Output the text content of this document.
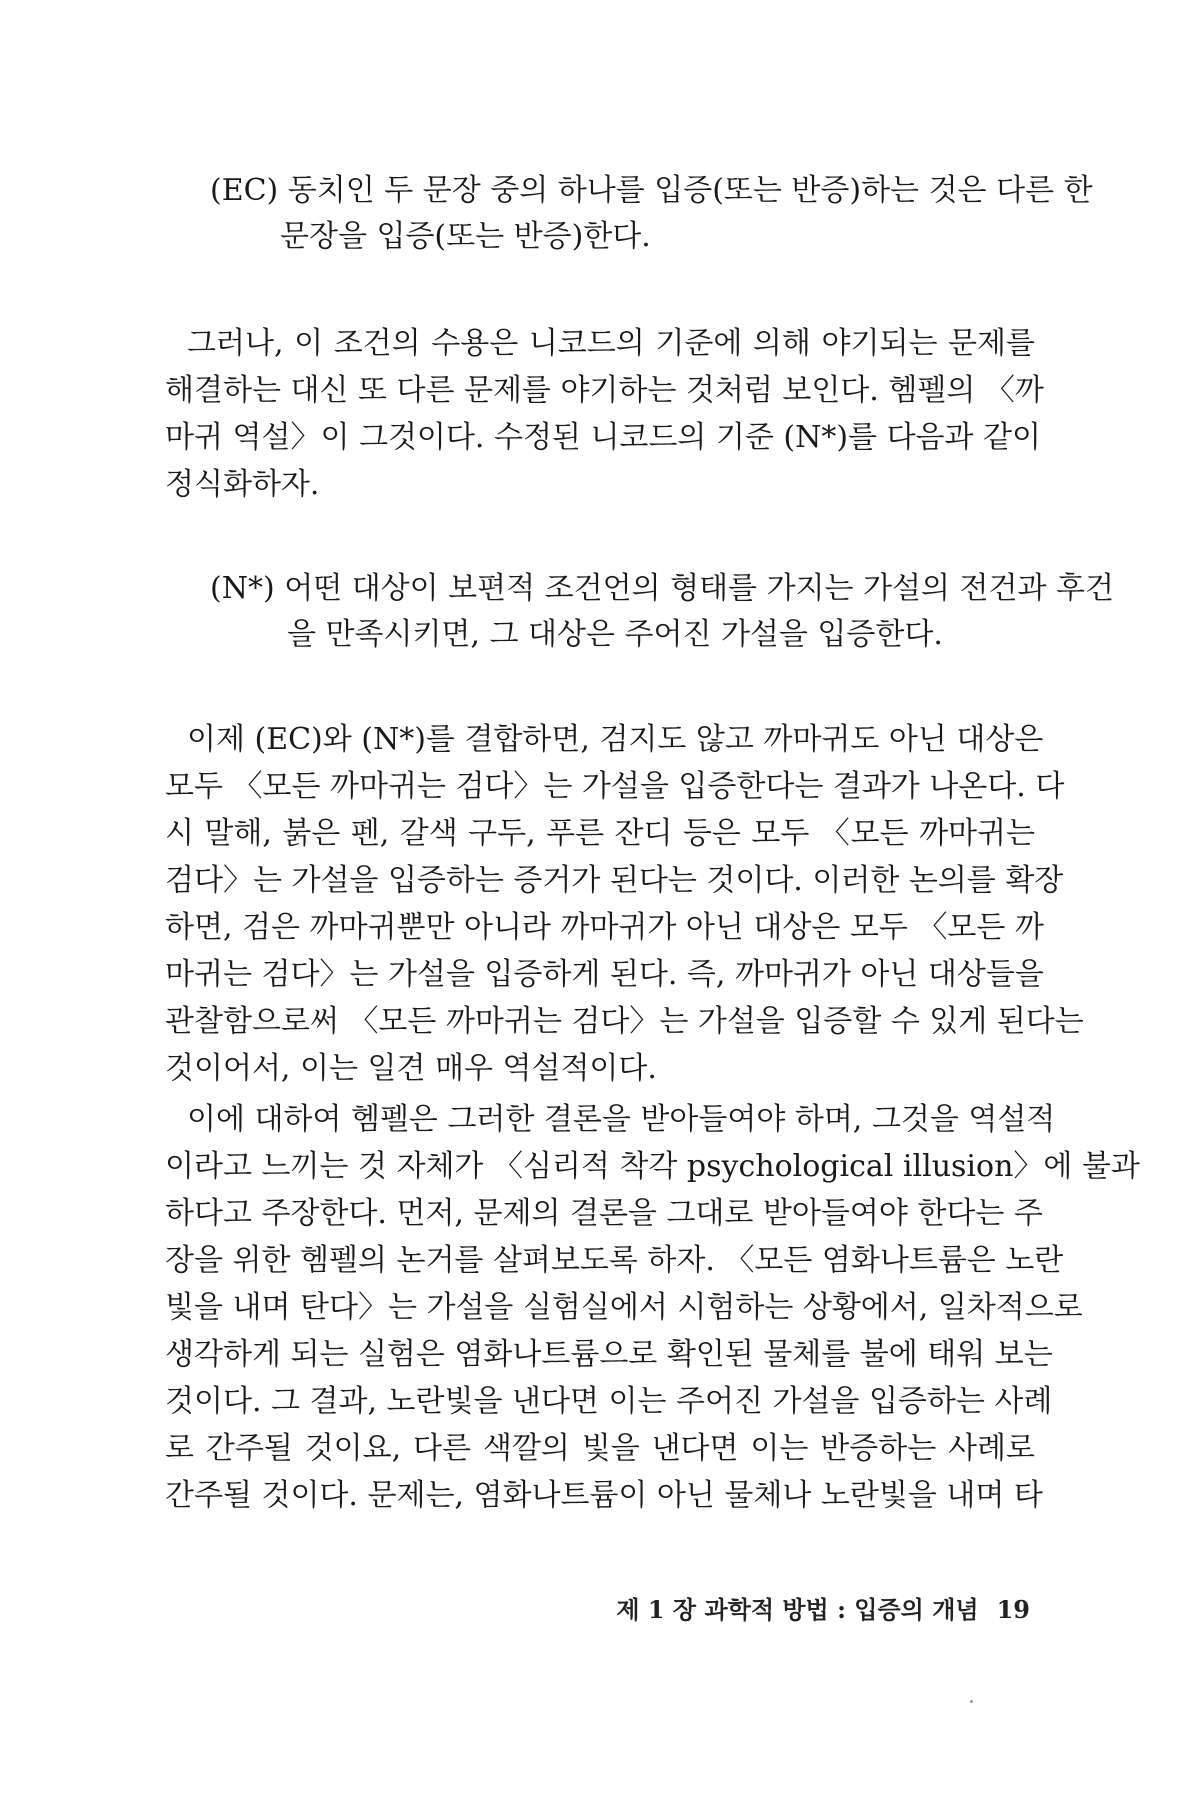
(EC) 동치인 두 문장 중의 하나를 입증(또는 반증)하는 것은 다른 한
문장을 입증(또는 반증)한다.
그러나, 이 조건의 수용은 니코드의 기준에 의해 야기되는 문제를
해결하는 대신 또 다른 문제를 야기하는 것처럼 보인다. 헴펠의 〈까
마귀 역설〉이 그것이다. 수정된 니코드의 기준 (N*)를 다음과 같이
정식화하자.
(N*) 어떤 대상이 보편적 조건언의 형태를 가지는 가설의 전건과 후건
을 만족시키면, 그 대상은 주어진 가설을 입증한다.
이제 (EC)와 (N*)를 결합하면, 검지도 않고 까마귀도 아닌 대상은
모두 〈모든 까마귀는 검다〉는 가설을 입증한다는 결과가 나온다. 다
시 말해, 붉은 펜, 갈색 구두, 푸른 잔디 등은 모두 〈모든 까마귀는
검다〉는 가설을 입증하는 증거가 된다는 것이다. 이러한 논의를 확장
하면, 검은 까마귀뿐만 아니라 까마귀가 아닌 대상은 모두 〈모든 까
마귀는 검다〉는 가설을 입증하게 된다. 즉, 까마귀가 아닌 대상들을
관찰함으로써 〈모든 까마귀는 검다〉는 가설을 입증할 수 있게 된다는
것이어서, 이는 일견 매우 역설적이다.
이에 대하여 헴펠은 그러한 결론을 받아들여야 하며, 그것을 역설적
이라고 느끼는 것 자체가 〈심리적 착각 psychological illusion〉에 불과
하다고 주장한다. 먼저, 문제의 결론을 그대로 받아들여야 한다는 주
장을 위한 헴펠의 논거를 살펴보도록 하자. 〈모든 염화나트륨은 노란
빛을 내며 탄다〉는 가설을 실험실에서 시험하는 상황에서, 일차적으로
생각하게 되는 실험은 염화나트륨으로 확인된 물체를 불에 태워 보는
것이다. 그 결과, 노란빛을 낸다면 이는 주어진 가설을 입증하는 사례
로 간주될 것이요, 다른 색깔의 빛을 낸다면 이는 반증하는 사례로
간주될 것이다. 문제는, 염화나트륨이 아닌 물체나 노란빛을 내며 타
제 1 장 과학적 방법 : 입증의 개념 19
